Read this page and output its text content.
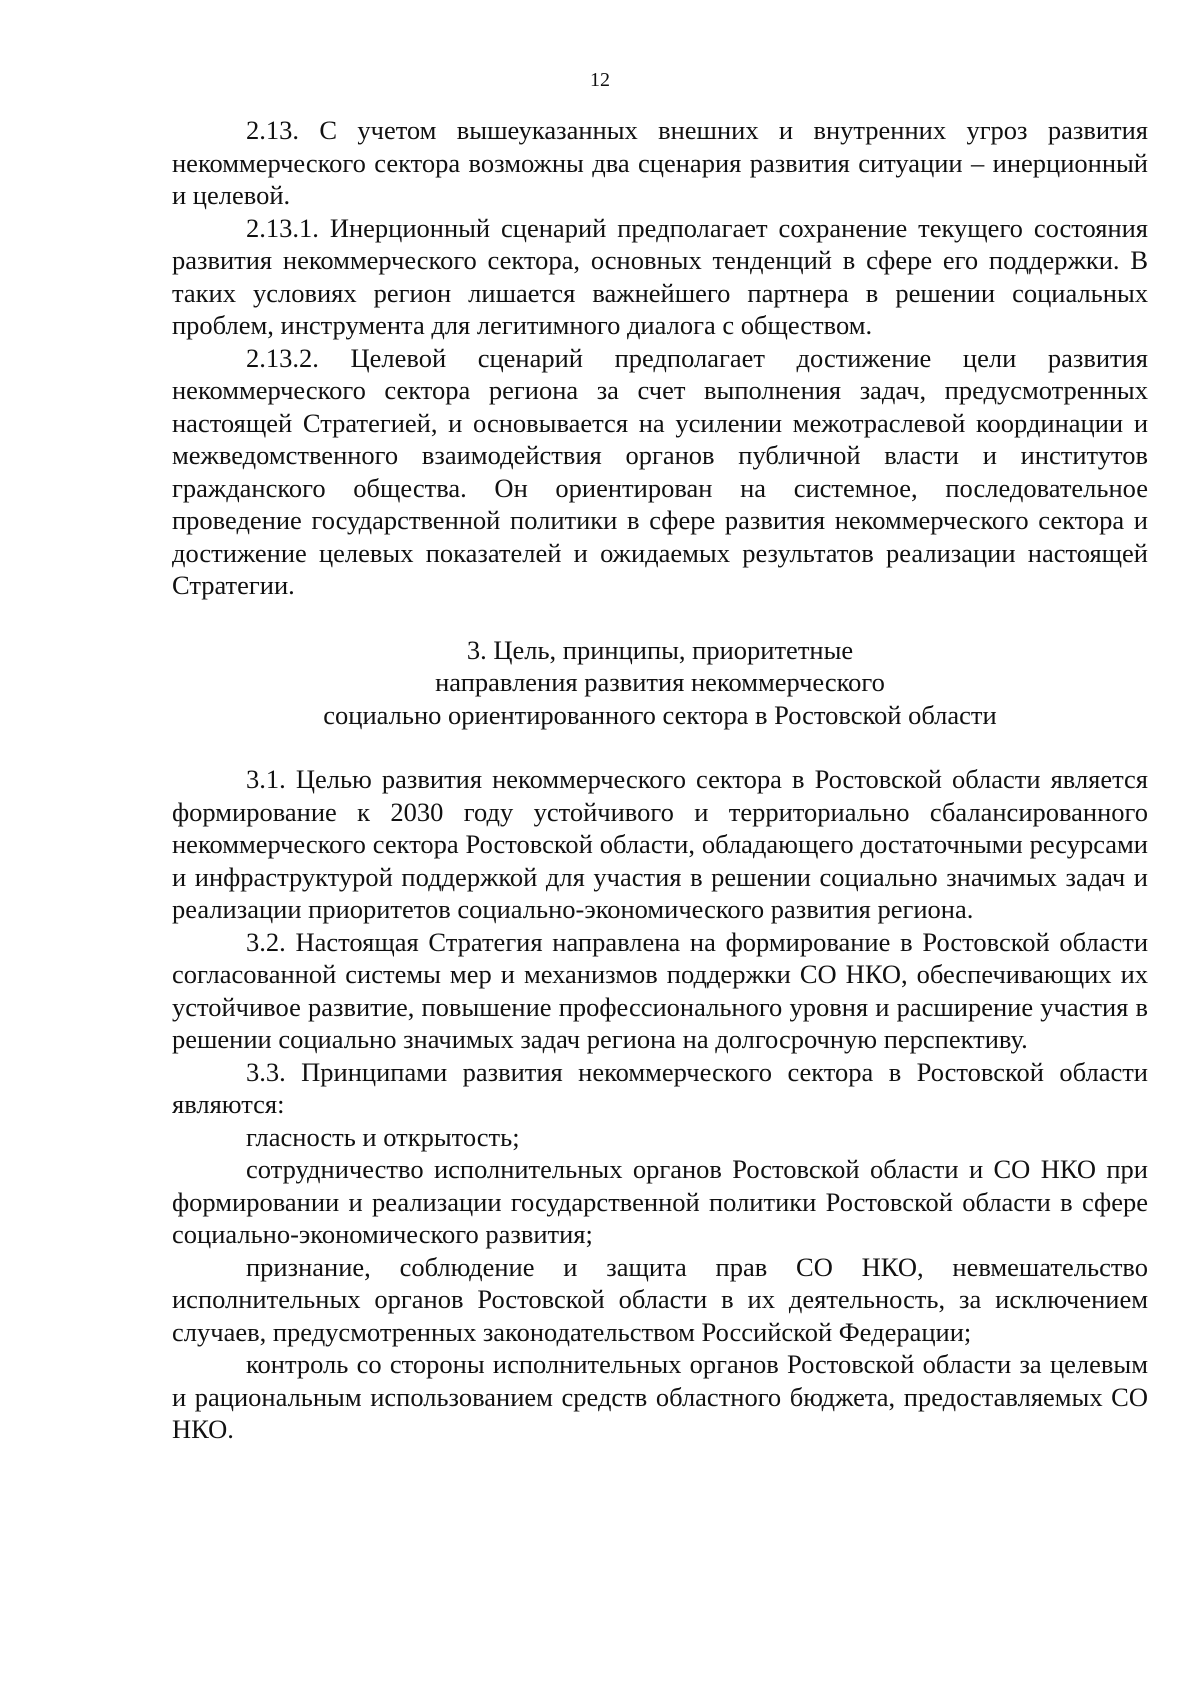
12

2.13. С учетом вышеуказанных внешних и внутренних угроз развития некоммерческого сектора возможны два сценария развития ситуации – инерционный и целевой.

2.13.1. Инерционный сценарий предполагает сохранение текущего состояния развития некоммерческого сектора, основных тенденций в сфере его поддержки. В таких условиях регион лишается важнейшего партнера в решении социальных проблем, инструмента для легитимного диалога с обществом.

2.13.2. Целевой сценарий предполагает достижение цели развития некоммерческого сектора региона за счет выполнения задач, предусмотренных настоящей Стратегией, и основывается на усилении межотраслевой координации и межведомственного взаимодействия органов публичной власти и институтов гражданского общества. Он ориентирован на системное, последовательное проведение государственной политики в сфере развития некоммерческого сектора и достижение целевых показателей и ожидаемых результатов реализации настоящей Стратегии.

3. Цель, принципы, приоритетные
направления развития некоммерческого
социально ориентированного сектора в Ростовской области

3.1. Целью развития некоммерческого сектора в Ростовской области является формирование к 2030 году устойчивого и территориально сбалансированного некоммерческого сектора Ростовской области, обладающего достаточными ресурсами и инфраструктурой поддержкой для участия в решении социально значимых задач и реализации приоритетов социально-экономического развития региона.

3.2. Настоящая Стратегия направлена на формирование в Ростовской области согласованной системы мер и механизмов поддержки СО НКО, обеспечивающих их устойчивое развитие, повышение профессионального уровня и расширение участия в решении социально значимых задач региона на долгосрочную перспективу.

3.3. Принципами развития некоммерческого сектора в Ростовской области являются:

гласность и открытость;

сотрудничество исполнительных органов Ростовской области и СО НКО при формировании и реализации государственной политики Ростовской области в сфере социально-экономического развития;

признание, соблюдение и защита прав СО НКО, невмешательство исполнительных органов Ростовской области в их деятельность, за исключением случаев, предусмотренных законодательством Российской Федерации;

контроль со стороны исполнительных органов Ростовской области за целевым и рациональным использованием средств областного бюджета, предоставляемых СО НКО.
